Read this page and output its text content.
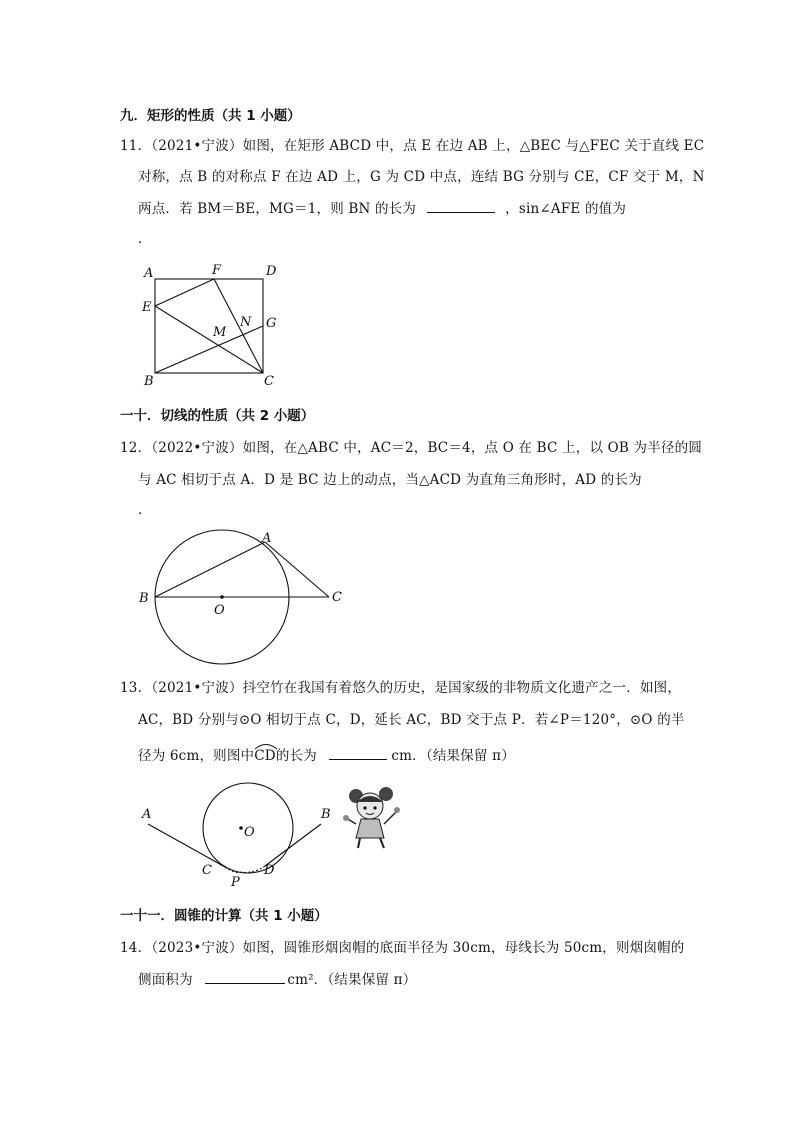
九．矩形的性质（共 1 小题）
11．（2021•宁波）如图，在矩形 ABCD 中，点 E 在边 AB 上，△BEC 与△FEC 关于直线 EC
对称，点 B 的对称点 F 在边 AD 上，G 为 CD 中点，连结 BG 分别与 CE，CF 交于 M，N
两点．若 BM＝BE，MG＝1，则 BN 的长为	，sin∠AFE 的值为
．
A	F	D
E
N G
M
B	C
一十．切线的性质（共 2 小题）
12．（2022•宁波）如图，在△ABC 中，AC＝2，BC＝4，点 O 在 BC 上，以 OB 为半径的圆
与 AC 相切于点 A．D 是 BC 边上的动点，当△ACD 为直角三角形时，AD 的长为
．
A
B
O
C
13．（2021•宁波）抖空竹在我国有着悠久的历史，是国家级的非物质文化遗产之一．如图，
AC，BD 分别与⊙O 相切于点 C，D，延长 AC，BD 交于点 P．若∠P＝120°，⊙O 的半
径为 6cm，则图中
CD的长为	cm．（结果保留 π）
A
O
B
C
P
D
一十一．圆锥的计算（共 1 小题）
14．（2023•宁波）如图，圆锥形烟囱帽的底面半径为 30cm，母线长为 50cm，则烟囱帽的
侧面积为	cm²．（结果保留 π）
